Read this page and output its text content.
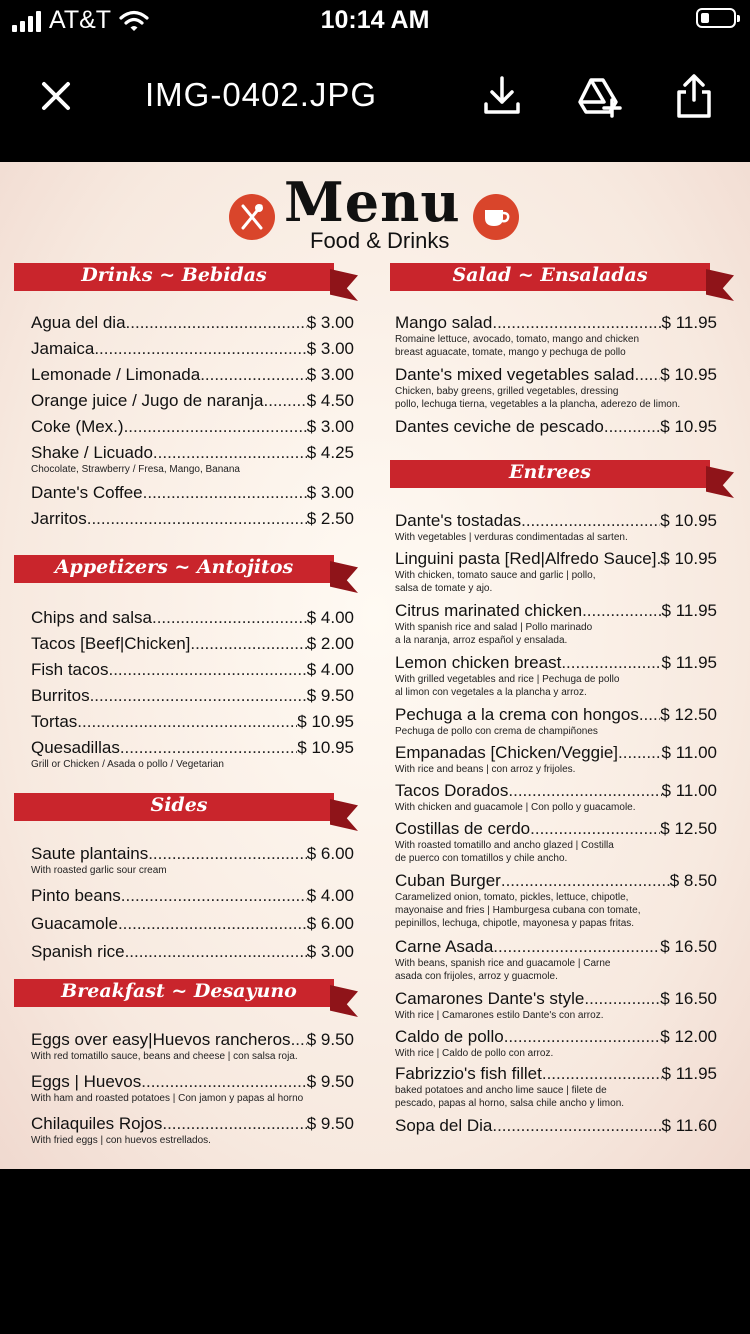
AT&T	10:14 AM
IMG-0402.JPG
Menu
Food & Drinks
Drinks ~ Bebidas
Appetizers ~ Antojitos
Sides
Breakfast ~ Desayuno
Salad ~ Ensaladas
Entrees
Agua del dia .....	$ 3.00
Jamaica .....	$ 3.00
Lemonade / Limonada .....	$ 3.00
Orange juice / Jugo de naranja .....	$ 4.50
Coke (Mex.) .....	$ 3.00
Shake / Licuado .....	$ 4.25
Chocolate, Strawberry / Fresa, Mango, Banana
Dante's Coffee .....	$ 3.00
Jarritos .....	$ 2.50
Chips and salsa .....	$ 4.00
Tacos [Beef|Chicken] .....	$ 2.00
Fish tacos .....	$ 4.00
Burritos .....	$ 9.50
Tortas .....	$ 10.95
Quesadillas .....	$ 10.95
Grill or Chicken / Asada o pollo / Vegetarian
Saute plantains .....	$ 6.00
With roasted garlic sour cream
Pinto beans .....	$ 4.00
Guacamole .....	$ 6.00
Spanish rice .....	$ 3.00
Eggs over easy|Huevos rancheros ..... $ 9.50
With red tomatillo sauce, beans and cheese | con salsa roja.
Eggs | Huevos .....	$ 9.50
With ham and roasted potatoes | Con jamon y papas al horno
Chilaquiles Rojos .....	$ 9.50
With fried eggs | con huevos estrellados.
Mango salad .....	$ 11.95
Romaine lettuce, avocado, tomato, mango and chicken
breast aguacate, tomate, mango y pechuga de pollo
Dante's mixed vegetables salad ..... $ 10.95
Chicken, baby greens, grilled vegetables, dressing
pollo, lechuga tierna, vegetables a la plancha, aderezo de limon.
Dantes ceviche de pescado .....	$ 10.95
Dante's tostadas .....	$ 10.95
With vegetables | verduras condimentadas al sarten.
Linguini pasta [Red|Alfredo Sauce] ..... $ 10.95
With chicken, tomato sauce and garlic | pollo,
salsa de tomate y ajo.
Citrus marinated chicken .....	$ 11.95
With spanish rice and salad | Pollo marinado
a la naranja, arroz español y ensalada.
Lemon chicken breast .....	$ 11.95
With grilled vegetables and rice | Pechuga de pollo
al limon con vegetales a la plancha y arroz.
Pechuga a la crema con hongos ..... $ 12.50
Pechuga de pollo con crema de champiñones
Empanadas [Chicken/Veggie] .....	$ 11.00
With rice and beans | con arroz y frijoles.
Tacos Dorados .....	$ 11.00
With chicken and guacamole | Con pollo y guacamole.
Costillas de cerdo .....	$ 12.50
With roasted tomatillo and ancho glazed | Costilla
de puerco con tomatillos y chile ancho.
Cuban Burger .....	$ 8.50
Caramelized onion, tomato, pickles, lettuce, chipotle,
mayonaise and fries | Hamburgesa cubana con tomate,
pepinillos, lechuga, chipotle, mayonesa y papas fritas.
Carne Asada .....	$ 16.50
With beans, spanish rice and guacamole | Carne
asada con frijoles, arroz y guacmole.
Camarones Dante's style .....	$ 16.50
With rice | Camarones estilo Dante's con arroz.
Caldo de pollo .....	$ 12.00
With rice | Caldo de pollo con arroz.
Fabrizzio's fish fillet .....	$ 11.95
baked potatoes and ancho lime sauce | filete de
pescado, papas al horno, salsa chile ancho y limon.
Sopa del Dia .....	$ 11.60
